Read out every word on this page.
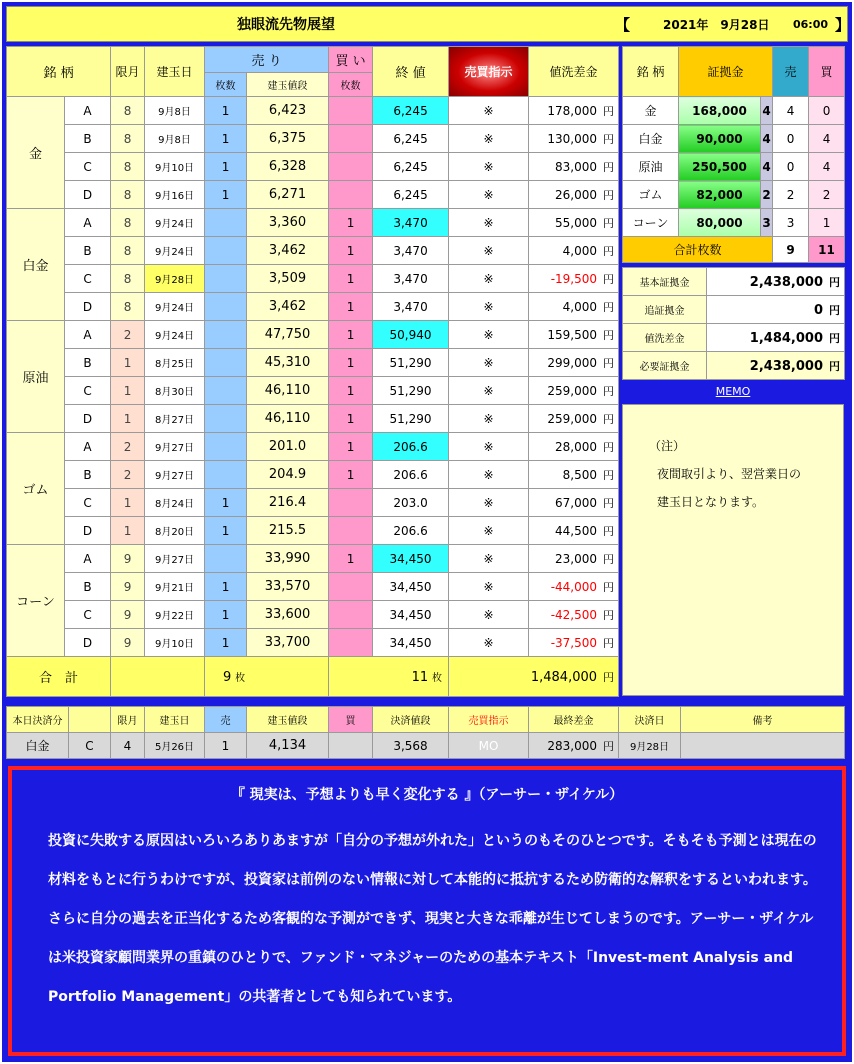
独眼流先物展望	【	2021年　9月28日 06:00 】
銘 柄		限月	建玉日	売 り		買 い	終 値	売買指示	値洗差金
				枚数	建玉値段	枚数			
金	A	8	9月8日	1	6,423		6,245	※	178,000 円
	B	8	9月8日	1	6,375		6,245	※	130,000 円
	C	8	9月10日	1	6,328		6,245	※	83,000 円
	D	8	9月16日	1	6,271		6,245	※	26,000 円
白金	A	8	9月24日		3,360	1	3,470	※	55,000 円
	B	8	9月24日		3,462	1	3,470	※	4,000 円
	C	8	9月28日		3,509	1	3,470	※	-19,500 円
	D	8	9月24日		3,462	1	3,470	※	4,000 円
原油	A	2	9月24日		47,750	1	50,940	※	159,500 円
	B	1	8月25日		45,310	1	51,290	※	299,000 円
	C	1	8月30日		46,110	1	51,290	※	259,000 円
	D	1	8月27日		46,110	1	51,290	※	259,000 円
ゴム	A	2	9月27日		201.0	1	206.6	※	28,000 円
	B	2	9月27日		204.9	1	206.6	※	8,500 円
	C	1	8月24日	1	216.4		203.0	※	67,000 円
	D	1	8月20日	1	215.5		206.6	※	44,500 円
コーン	A	9	9月27日		33,990	1	34,450	※	23,000 円
	B	9	9月21日	1	33,570		34,450	※	-44,000 円
	C	9	9月22日	1	33,600		34,450	※	-42,500 円
	D	9	9月10日	1	33,700		34,450	※	-37,500 円
合　計				9 枚		11 枚		1,484,000 円	
銘 柄	証拠金		売	買
金	168,000	4	4	0
白金	90,000	4	0	4
原油	250,500	4	0	4
ゴム	82,000	2	2	2
コーン	80,000	3	3	1
合計枚数			9	11
基本証拠金	2,438,000 円
追証拠金	0 円
値洗差金	1,484,000 円
必要証拠金	2,438,000 円
MEMO
（注）
夜間取引より、翌営業日の
建玉日となります。
本日決済分		限月	建玉日	売	建玉値段	買	決済値段	売買指示	最終差金	決済日	備考
白金	C	4	5月26日	1	4,134		3,568	MO	283,000 円	9月28日	
『 現実は、予想よりも早く変化する 』（アーサー・ザイケル）
投資に失敗する原因はいろいろありあますが「自分の予想が外れた」というのもそのひとつです。そもそも予測とは現在の材料をもとに行うわけですが、投資家は前例のない情報に対して本能的に抵抗するため防衛的な解釈をするといわれます。さらに自分の過去を正当化するため客観的な予測ができず、現実と大きな乖離が生じてしまうのです。アーサー・ザイケルは米投資家顧問業界の重鎮のひとりで、ファンド・マネジャーのための基本テキスト「Invest-ment Analysis and Portfolio Management」の共著者としても知られています。
